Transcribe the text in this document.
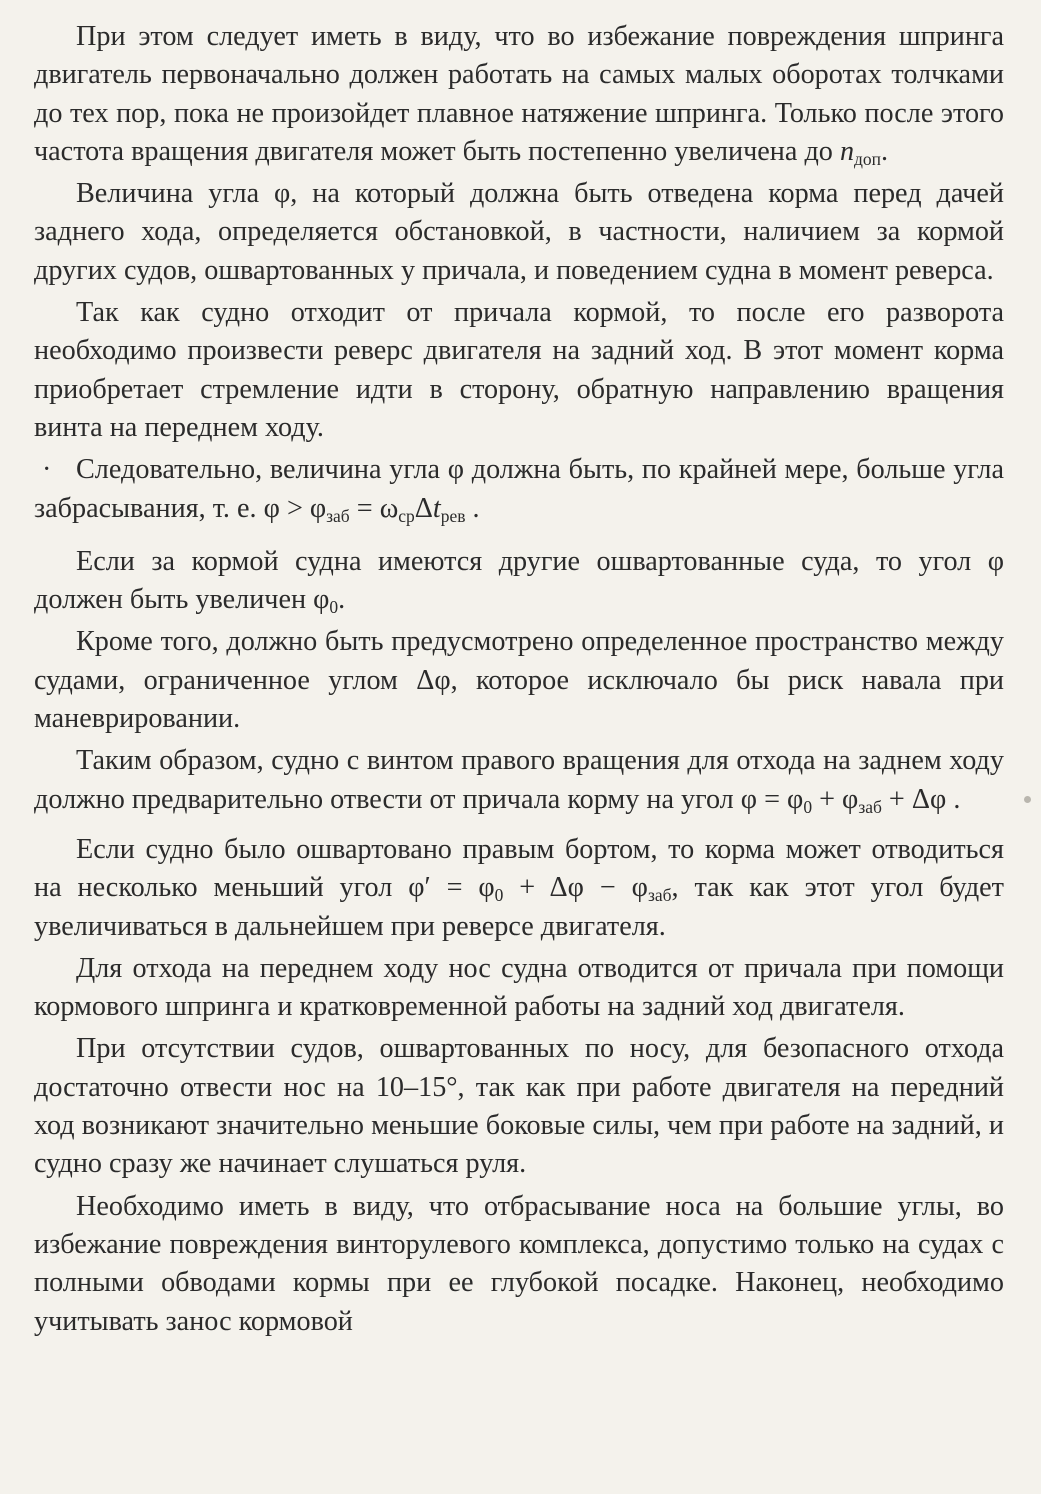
При этом следует иметь в виду, что во избежание повреждения шпринга двигатель первоначально должен работать на самых малых оборотах толчками до тех пор, пока не произойдет плавное натяжение шпринга. Только после этого частота вращения двигателя может быть постепенно увеличена до $n_{доп}$.

Величина угла φ, на который должна быть отведена корма перед дачей заднего хода, определяется обстановкой, в частности, наличием за кормой других судов, ошвартованных у причала, и поведением судна в момент реверса.

Так как судно отходит от причала кормой, то после его разворота необходимо произвести реверс двигателя на задний ход. В этот момент корма приобретает стремление идти в сторону, обратную направлению вращения винта на переднем ходу.

· Следовательно, величина угла φ должна быть, по крайней мере, больше угла забрасывания, т. е. $\varphi > \varphi_{заб} = \omega_{ср}\Delta t_{рев}$ .

Если за кормой судна имеются другие ошвартованные суда, то угол φ должен быть увеличен $\varphi_0$.

Кроме того, должно быть предусмотрено определенное пространство между судами, ограниченное углом Δφ, которое исключало бы риск навала при маневрировании.

Таким образом, судно с винтом правого вращения для отхода на заднем ходу должно предварительно отвести от причала корму на угол $\varphi = \varphi_0 + \varphi_{заб} + \Delta\varphi$ .

Если судно было ошвартовано правым бортом, то корма может отводиться на несколько меньший угол $\varphi' = \varphi_0 + \Delta\varphi - \varphi_{заб}$, так как этот угол будет увеличиваться в дальнейшем при реверсе двигателя.

Для отхода на переднем ходу нос судна отводится от причала при помощи кормового шпринга и кратковременной работы на задний ход двигателя.

При отсутствии судов, ошвартованных по носу, для безопасного отхода достаточно отвести нос на 10–15°, так как при работе двигателя на передний ход возникают значительно меньшие боковые силы, чем при работе на задний, и судно сразу же начинает слушаться руля.

Необходимо иметь в виду, что отбрасывание носа на большие углы, во избежание повреждения винторулевого комплекса, допустимо только на судах с полными обводами кормы при ее глубокой посадке. Наконец, необходимо учитывать занос кормовой
